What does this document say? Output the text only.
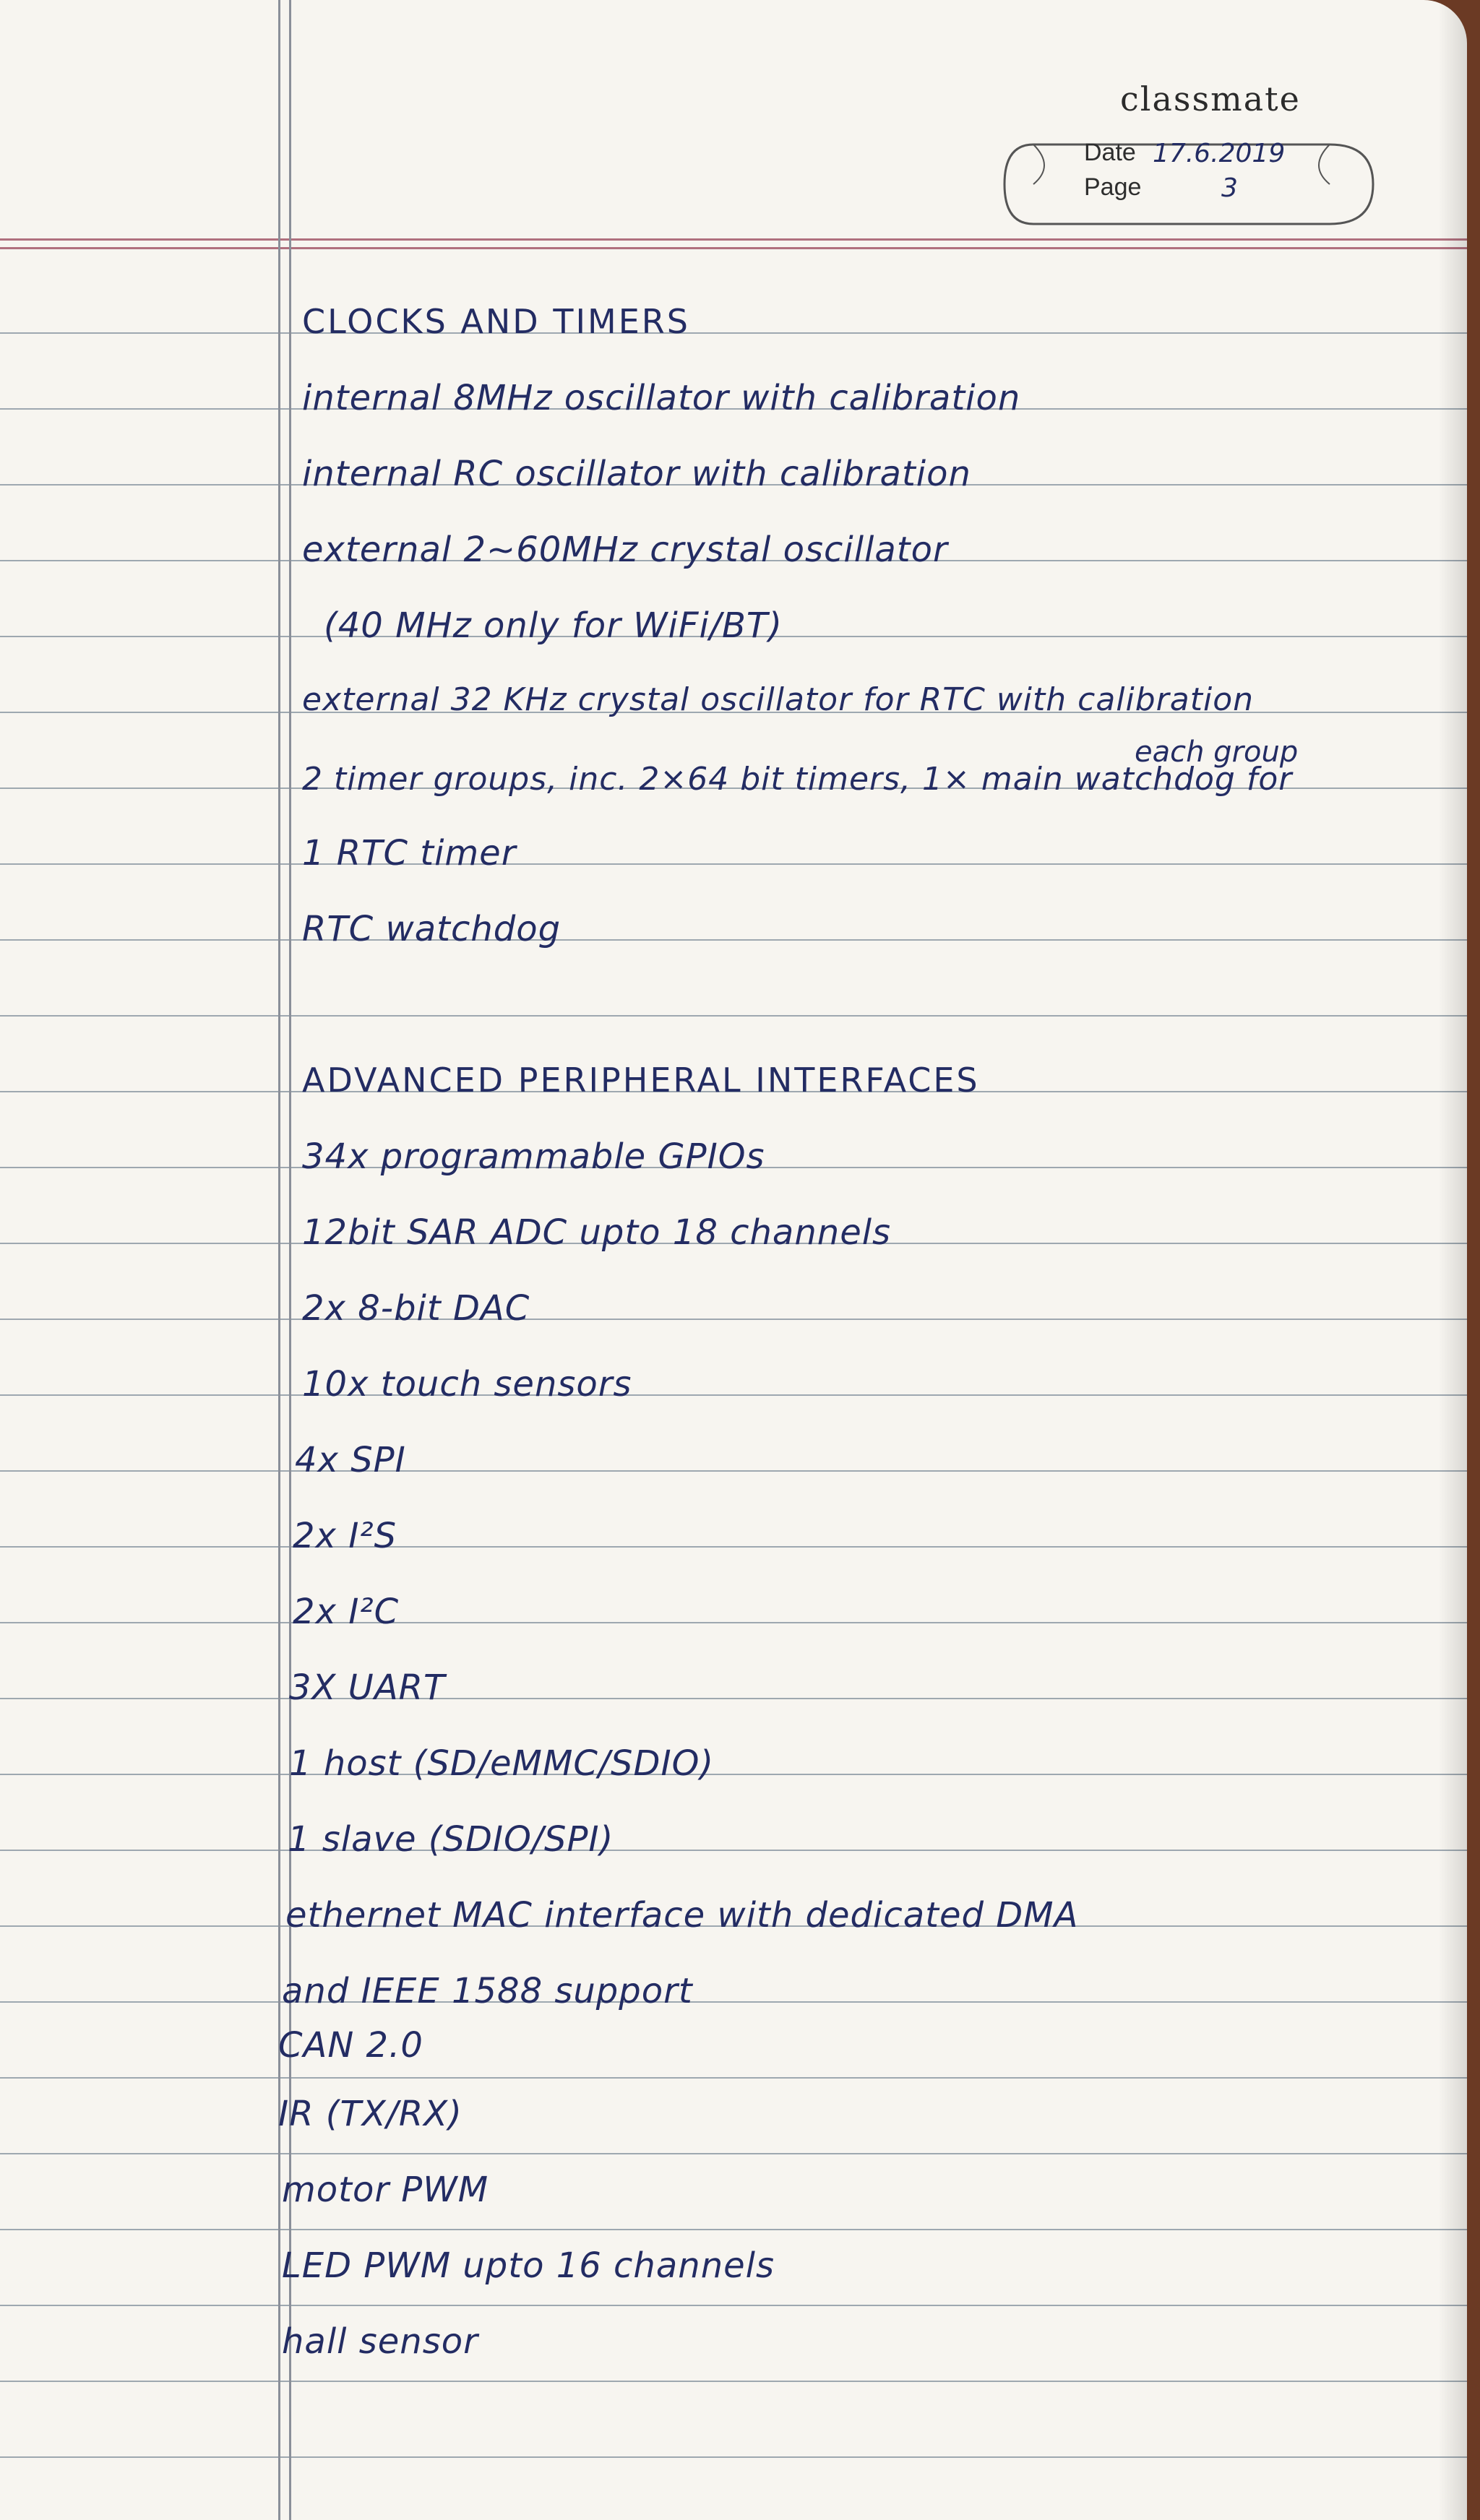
classmate
Date 17.6.2019
Page	3
CLOCKS AND TIMERS
internal 8MHz oscillator with calibration
internal RC oscillator with calibration
external 2~60MHz crystal oscillator
(40 MHz only for WiFi/BT)
external 32 KHz crystal oscillator for RTC with calibration
each group
2 timer groups, inc. 2×64 bit timers, 1× main watchdog for
1 RTC timer
RTC watchdog
ADVANCED PERIPHERAL INTERFACES
34x programmable GPIOs
12bit SAR ADC upto 18 channels
2x 8-bit DAC
10x touch sensors
4x SPI
2x I²S
2x I²C
3X UART
1 host (SD/eMMC/SDIO)
1 slave (SDIO/SPI)
ethernet MAC interface with dedicated DMA
and IEEE 1588 support
CAN 2.0
IR (TX/RX)
motor PWM
LED PWM upto 16 channels
hall sensor
